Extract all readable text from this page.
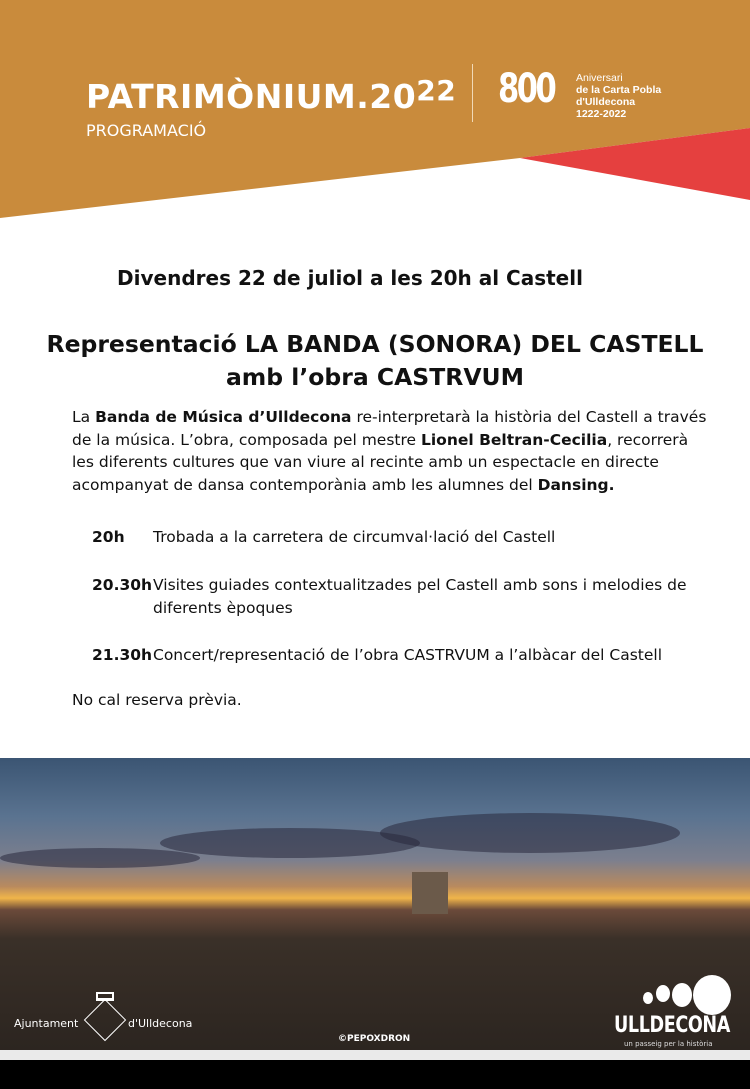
$PATRIMÒNIUM.20^{22}$
PROGRAMACIÓ
800 Aniversari
de la Carta Pobla
d'Ulldecona
1222-2022
Divendres 22 de juliol a les 20h al Castell
Representació LA BANDA (SONORA) DEL CASTELL
amb l’obra CASTRVUM

La Banda de Música d’Ulldecona re-interpretarà la història del Castell a través de la música. L’obra, composada pel mestre Lionel Beltran-Cecilia, recorrerà les diferents cultures que van viure al recinte amb un espectacle en directe acompanyat de dansa contemporània amb les alumnes del Dansing.

20h	Trobada a la carretera de circumval·lació del Castell
20.30h Visites guiades contextualitzades pel Castell amb sons i melodies de diferents èpoques
21.30h Concert/representació de l’obra CASTRVUM a l’albàcar del Castell
No cal reserva prèvia.
Ajuntament	d'Ulldecona
©PEPOXDRON
ULLDECONA
un passeig per la història
